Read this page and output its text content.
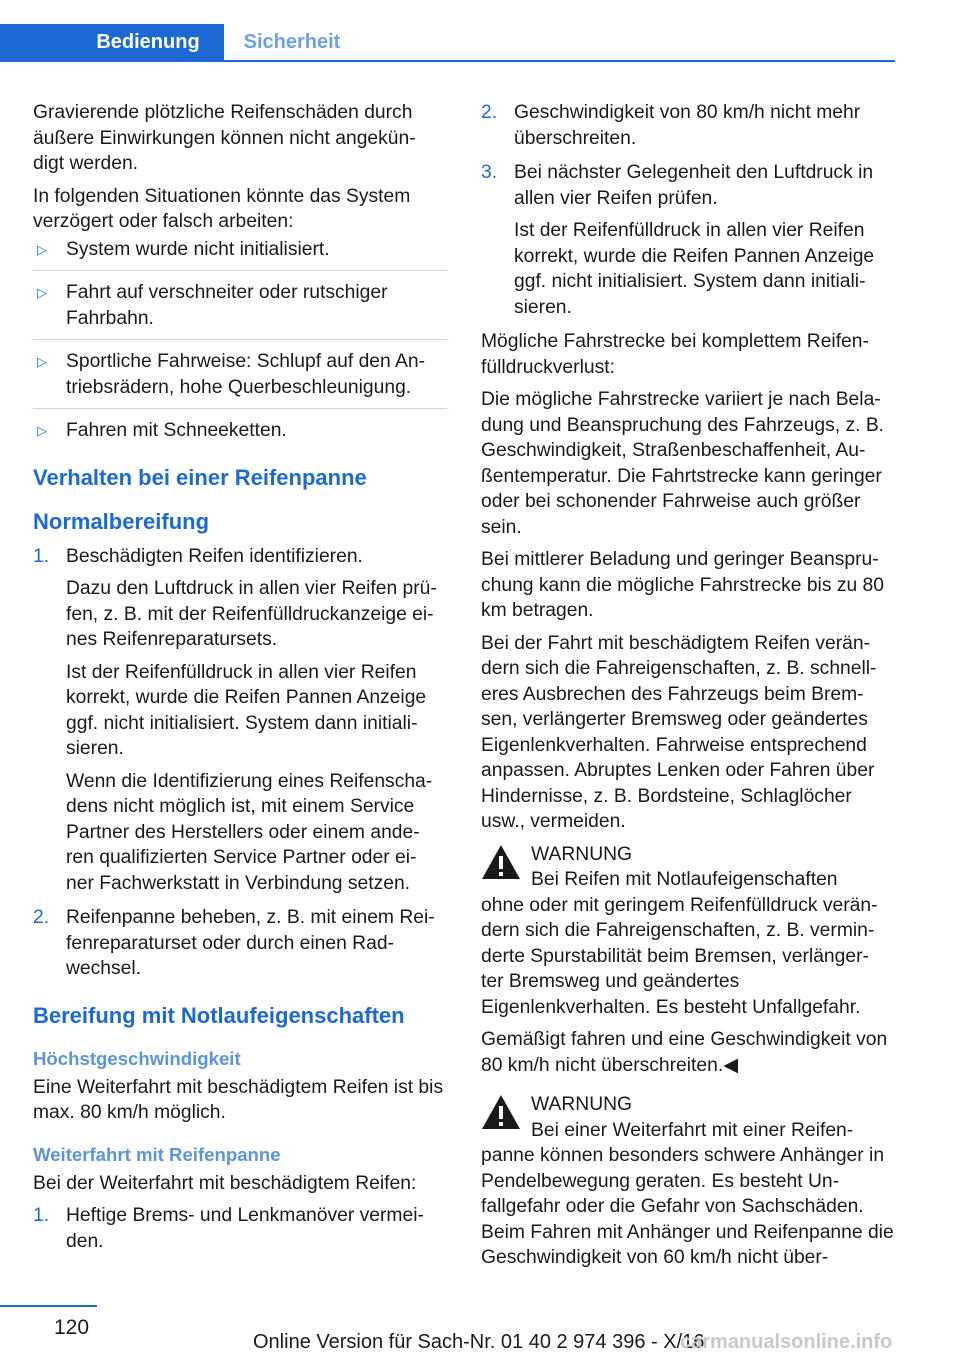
Bedienung	Sicherheit

Gravierende plötzliche Reifenschäden durch äußere Einwirkungen können nicht angekün‐ digt werden.

In folgenden Situationen könnte das System verzögert oder falsch arbeiten:

▷ System wurde nicht initialisiert.
▷ Fahrt auf verschneiter oder rutschiger Fahrbahn.
▷ Sportliche Fahrweise: Schlupf auf den An‐ triebsrädern, hohe Querbeschleunigung.
▷ Fahren mit Schneeketten.
Verhalten bei einer Reifenpanne
Normalbereifung
1. Beschädigten Reifen identifizieren.
Dazu den Luftdruck in allen vier Reifen prü‐ fen, z. B. mit der Reifenfülldruckanzeige ei‐ nes Reifenreparatursets.
Ist der Reifenfülldruck in allen vier Reifen korrekt, wurde die Reifen Pannen Anzeige ggf. nicht initialisiert. System dann initiali‐ sieren.
Wenn die Identifizierung eines Reifenscha‐ dens nicht möglich ist, mit einem Service Partner des Herstellers oder einem ande‐ ren qualifizierten Service Partner oder ei‐ ner Fachwerkstatt in Verbindung setzen.
2. Reifenpanne beheben, z. B. mit einem Rei‐ fenreparaturset oder durch einen Rad‐ wechsel.
Bereifung mit Notlaufeigenschaften
Höchstgeschwindigkeit

Eine Weiterfahrt mit beschädigtem Reifen ist bis max. 80 km/h möglich.

Weiterfahrt mit Reifenpanne

Bei der Weiterfahrt mit beschädigtem Reifen:

1. Heftige Brems- und Lenkmanöver vermei‐ den.
2. Geschwindigkeit von 80 km/h nicht mehr überschreiten.
3. Bei nächster Gelegenheit den Luftdruck in allen vier Reifen prüfen.
Ist der Reifenfülldruck in allen vier Reifen korrekt, wurde die Reifen Pannen Anzeige ggf. nicht initialisiert. System dann initiali‐ sieren.

Mögliche Fahrstrecke bei komplettem Reifen‐ fülldruckverlust:

Die mögliche Fahrstrecke variiert je nach Bela‐ dung und Beanspruchung des Fahrzeugs, z. B. Geschwindigkeit, Straßenbeschaffenheit, Au‐ ßentemperatur. Die Fahrtstrecke kann geringer oder bei schonender Fahrweise auch größer sein.

Bei mittlerer Beladung und geringer Beanspru‐ chung kann die mögliche Fahrstrecke bis zu 80 km betragen.

Bei der Fahrt mit beschädigtem Reifen verän‐ dern sich die Fahreigenschaften, z. B. schnell‐ eres Ausbrechen des Fahrzeugs beim Brem‐ sen, verlängerter Bremsweg oder geändertes Eigenlenkverhalten. Fahrweise entsprechend anpassen. Abruptes Lenken oder Fahren über Hindernisse, z. B. Bordsteine, Schlaglöcher usw., vermeiden.

WARNUNG
Bei Reifen mit Notlaufeigenschaften
ohne oder mit geringem Reifenfülldruck verän‐ dern sich die Fahreigenschaften, z. B. vermin‐ derte Spurstabilität beim Bremsen, verlänger‐ ter Bremsweg und geändertes Eigenlenkverhalten. Es besteht Unfallgefahr.

Gemäßigt fahren und eine Geschwindigkeit von 80 km/h nicht überschreiten.◀

WARNUNG
Bei einer Weiterfahrt mit einer Reifen‐
panne können besonders schwere Anhänger in Pendelbewegung geraten. Es besteht Un‐ fallgefahr oder die Gefahr von Sachschäden. Beim Fahren mit Anhänger und Reifenpanne die Geschwindigkeit von 60 km/h nicht über‐
120
Online Version für Sach-Nr. 01 40 2 974 396 - X/16
carmanualsonline.info
